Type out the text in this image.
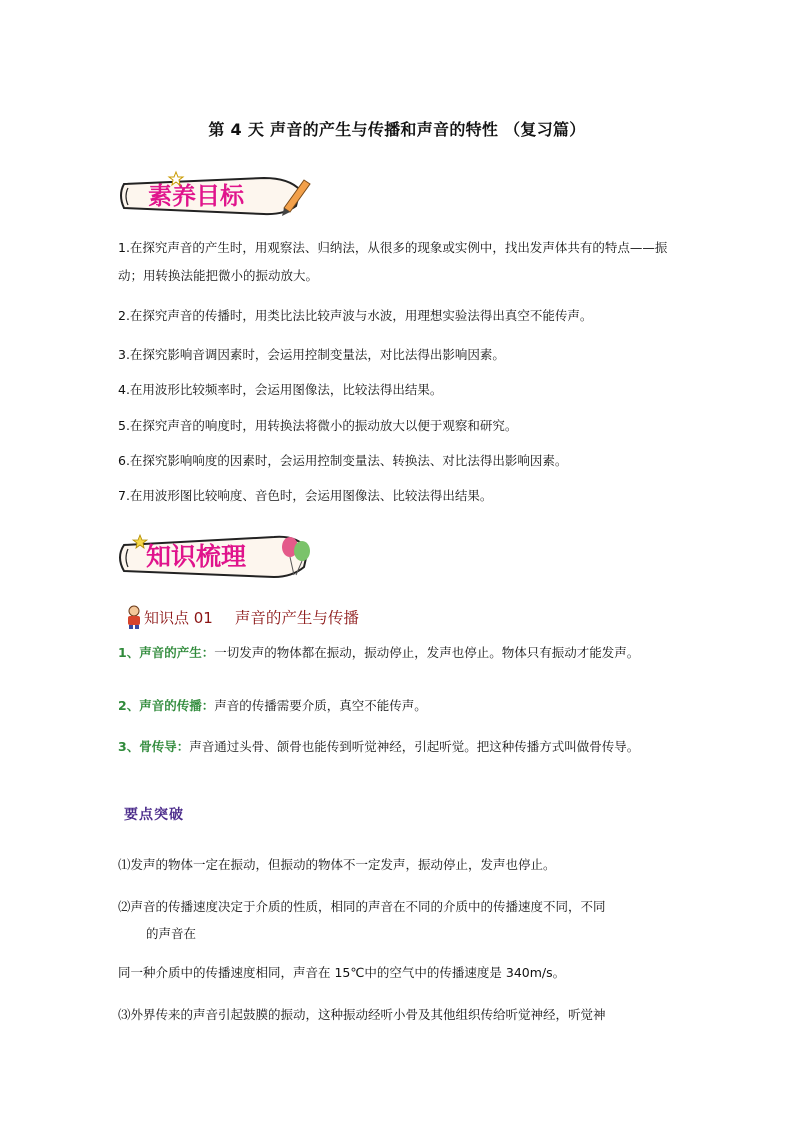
第 4 天 声音的产生与传播和声音的特性 （复习篇）
素养目标
1.在探究声音的产生时，用观察法、归纳法，从很多的现象或实例中，找出发声体共有的特点——振动；用转换法能把微小的振动放大。
2.在探究声音的传播时，用类比法比较声波与水波，用理想实验法得出真空不能传声。
3.在探究影响音调因素时，会运用控制变量法，对比法得出影响因素。
4.在用波形比较频率时，会运用图像法，比较法得出结果。
5.在探究声音的响度时，用转换法将微小的振动放大以便于观察和研究。
6.在探究影响响度的因素时，会运用控制变量法、转换法、对比法得出影响因素。
7.在用波形图比较响度、音色时，会运用图像法、比较法得出结果。
知识梳理
知识点 01 声音的产生与传播
1、声音的产生：一切发声的物体都在振动，振动停止，发声也停止。物体只有振动才能发声。
2、声音的传播：声音的传播需要介质，真空不能传声。
3、骨传导：声音通过头骨、颌骨也能传到听觉神经，引起听觉。把这种传播方式叫做骨传导。
要点突破
⑴发声的物体一定在振动，但振动的物体不一定发声，振动停止，发声也停止。
⑵声音的传播速度决定于介质的性质，相同的声音在不同的介质中的传播速度不同，不同
的声音在
同一种介质中的传播速度相同，声音在 15℃中的空气中的传播速度是 340m/s。
⑶外界传来的声音引起鼓膜的振动，这种振动经听小骨及其他组织传给听觉神经，听觉神
